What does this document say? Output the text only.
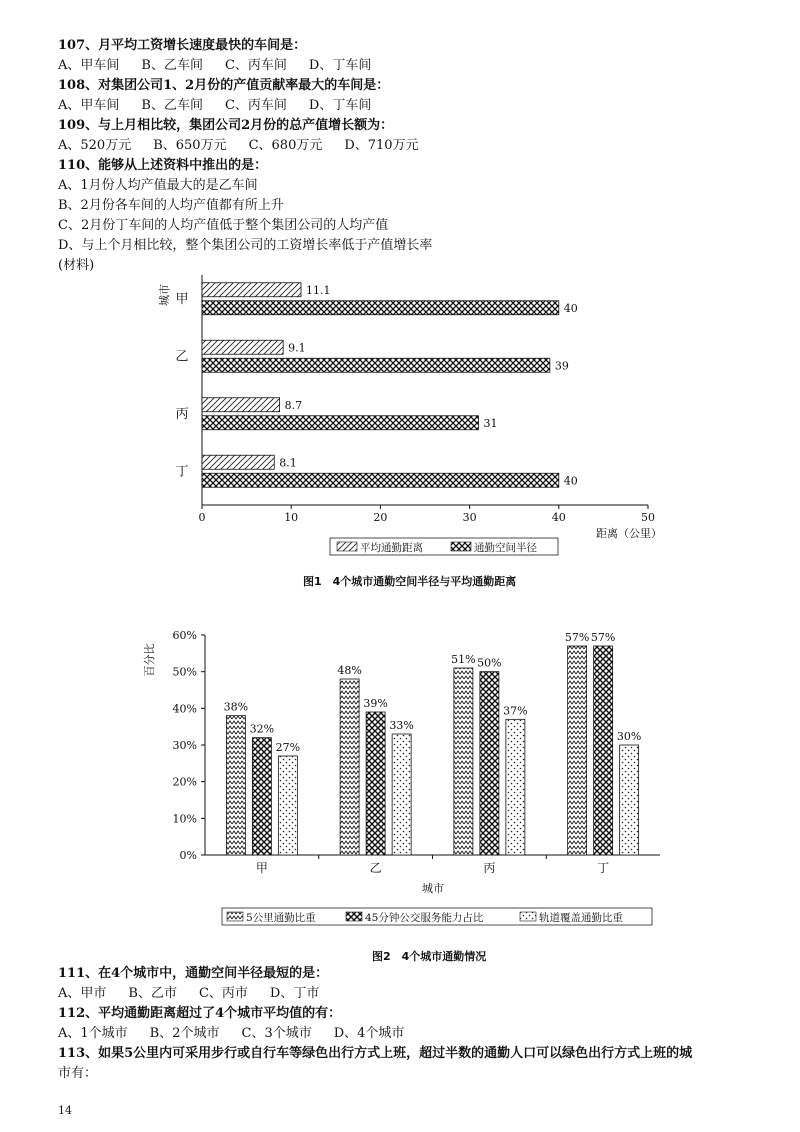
107、月平均工资增长速度最快的车间是：
A、甲车间 B、乙车间 C、丙车间 D、丁车间
108、对集团公司1、2月份的产值贡献率最大的车间是：
A、甲车间 B、乙车间 C、丙车间 D、丁车间
109、与上月相比较，集团公司2月份的总产值增长额为：
A、520万元 B、650万元 C、680万元 D、710万元
110、能够从上述资料中推出的是：
A、1月份人均产值最大的是乙车间
B、2月份各车间的人均产值都有所上升
C、2月份丁车间的人均产值低于整个集团公司的人均产值
D、与上个月相比较，整个集团公司的工资增长率低于产值增长率
(材料)
0	10	20	30	40	50
甲
11.1
40
乙
9.1
39
丙
8.7
31
丁
8.1
40
城市
距离（公里）
平均通勤距离	通勤空间半径
图1　4个城市通勤空间半径与平均通勤距离
0%
10%
20%
30%
40%
50%
60%
甲
38%
32%
27%
乙
48%
39%
33%
丙
51% 50%
37%
丁
57% 57%
30%
百分比
城市
5公里通勤比重	45分钟公交服务能力占比	轨道覆盖通勤比重
图2　4个城市通勤情况
111、在4个城市中，通勤空间半径最短的是：
A、甲市 B、乙市 C、丙市 D、丁市
112、平均通勤距离超过了4个城市平均值的有：
A、1个城市 B、2个城市 C、3个城市 D、4个城市
113、如果5公里内可采用步行或自行车等绿色出行方式上班，超过半数的通勤人口可以绿色出行方式上班的城
市有：
14
